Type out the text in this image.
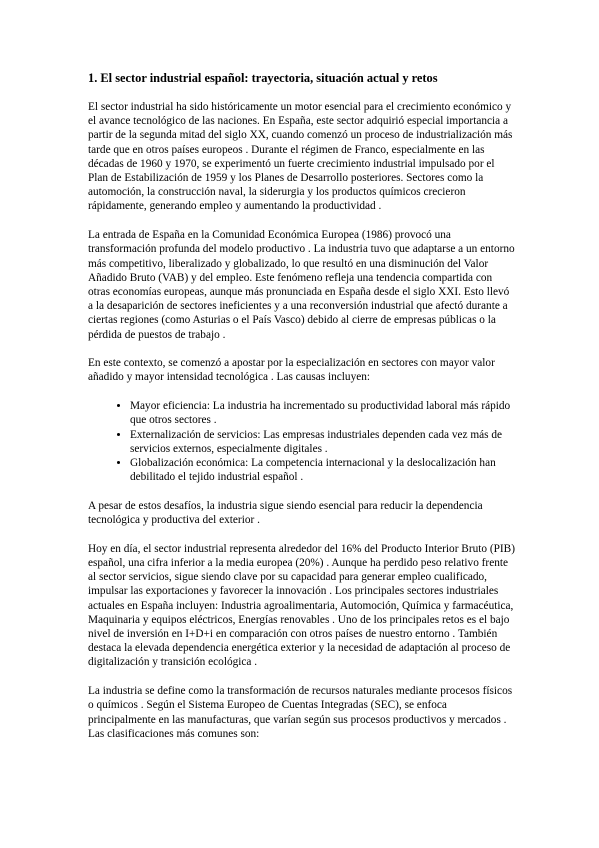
1. El sector industrial español: trayectoria, situación actual y retos

El sector industrial ha sido históricamente un motor esencial para el crecimiento económico y el avance tecnológico de las naciones. En España, este sector adquirió especial importancia a partir de la segunda mitad del siglo XX, cuando comenzó un proceso de industrialización más tarde que en otros países europeos . Durante el régimen de Franco, especialmente en las décadas de 1960 y 1970, se experimentó un fuerte crecimiento industrial impulsado por el Plan de Estabilización de 1959 y los Planes de Desarrollo posteriores. Sectores como la automoción, la construcción naval, la siderurgia y los productos químicos crecieron rápidamente, generando empleo y aumentando la productividad .

La entrada de España en la Comunidad Económica Europea (1986) provocó una transformación profunda del modelo productivo . La industria tuvo que adaptarse a un entorno más competitivo, liberalizado y globalizado, lo que resultó en una disminución del Valor Añadido Bruto (VAB) y del empleo. Este fenómeno refleja una tendencia compartida con otras economías europeas, aunque más pronunciada en España desde el siglo XXI. Esto llevó a la desaparición de sectores ineficientes y a una reconversión industrial que afectó durante a ciertas regiones (como Asturias o el País Vasco) debido al cierre de empresas públicas o la pérdida de puestos de trabajo .

En este contexto, se comenzó a apostar por la especialización en sectores con mayor valor añadido y mayor intensidad tecnológica . Las causas incluyen:

• Mayor eficiencia: La industria ha incrementado su productividad laboral más rápido que otros sectores .
• Externalización de servicios: Las empresas industriales dependen cada vez más de servicios externos, especialmente digitales .
• Globalización económica: La competencia internacional y la deslocalización han debilitado el tejido industrial español .

A pesar de estos desafíos, la industria sigue siendo esencial para reducir la dependencia tecnológica y productiva del exterior .

Hoy en día, el sector industrial representa alrededor del 16% del Producto Interior Bruto (PIB) español, una cifra inferior a la media europea (20%) . Aunque ha perdido peso relativo frente al sector servicios, sigue siendo clave por su capacidad para generar empleo cualificado, impulsar las exportaciones y favorecer la innovación . Los principales sectores industriales actuales en España incluyen: Industria agroalimentaria, Automoción, Química y farmacéutica, Maquinaria y equipos eléctricos, Energías renovables . Uno de los principales retos es el bajo nivel de inversión en I+D+i en comparación con otros países de nuestro entorno . También destaca la elevada dependencia energética exterior y la necesidad de adaptación al proceso de digitalización y transición ecológica .

La industria se define como la transformación de recursos naturales mediante procesos físicos o químicos . Según el Sistema Europeo de Cuentas Integradas (SEC), se enfoca principalmente en las manufacturas, que varían según sus procesos productivos y mercados . Las clasificaciones más comunes son:
